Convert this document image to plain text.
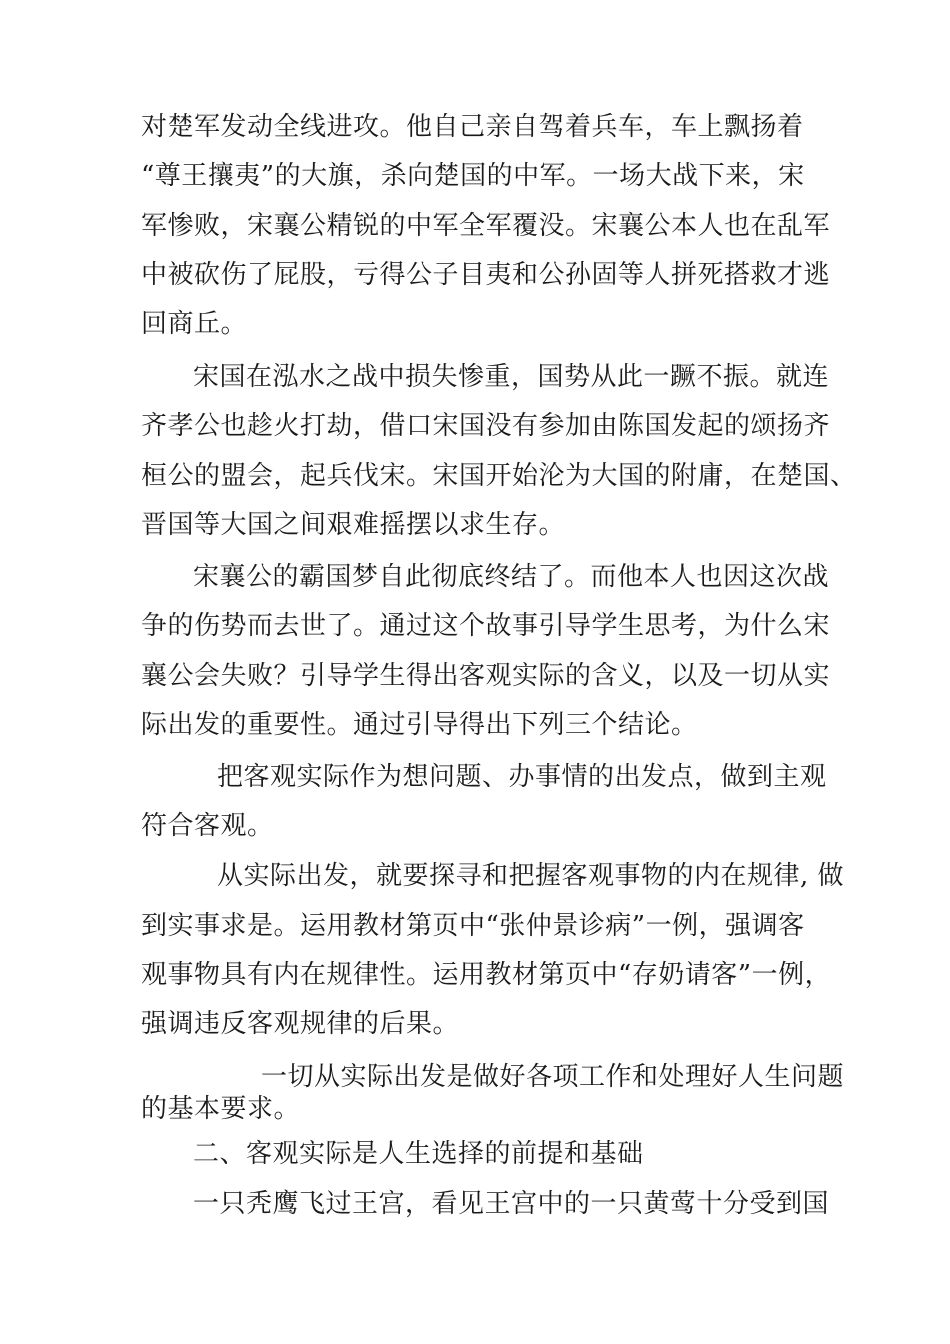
对楚军发动全线进攻。他自己亲自驾着兵车，车上飘扬着
“尊王攘夷”的大旗，杀向楚国的中军。一场大战下来，宋
军惨败，宋襄公精锐的中军全军覆没。宋襄公本人也在乱军
中被砍伤了屁股，亏得公子目夷和公孙固等人拼死搭救才逃
回商丘。
宋国在泓水之战中损失惨重，国势从此一蹶不振。就连
齐孝公也趁火打劫，借口宋国没有参加由陈国发起的颂扬齐
桓公的盟会，起兵伐宋。宋国开始沦为大国的附庸，在楚国、
晋国等大国之间艰难摇摆以求生存。
宋襄公的霸国梦自此彻底终结了。而他本人也因这次战
争的伤势而去世了。通过这个故事引导学生思考，为什么宋
襄公会失败？引导学生得出客观实际的含义，以及一切从实
际出发的重要性。通过引导得出下列三个结论。
把客观实际作为想问题、办事情的出发点，做到主观
符合客观。
从实际出发，就要探寻和把握客观事物的内在规律, 做
到实事求是。运用教材第页中“张仲景诊病”一例，强调客
观事物具有内在规律性。运用教材第页中“存奶请客”一例，
强调违反客观规律的后果。
一切从实际出发是做好各项工作和处理好人生问题
的基本要求。
二、客观实际是人生选择的前提和基础
一只秃鹰飞过王宫，看见王宫中的一只黄莺十分受到国
